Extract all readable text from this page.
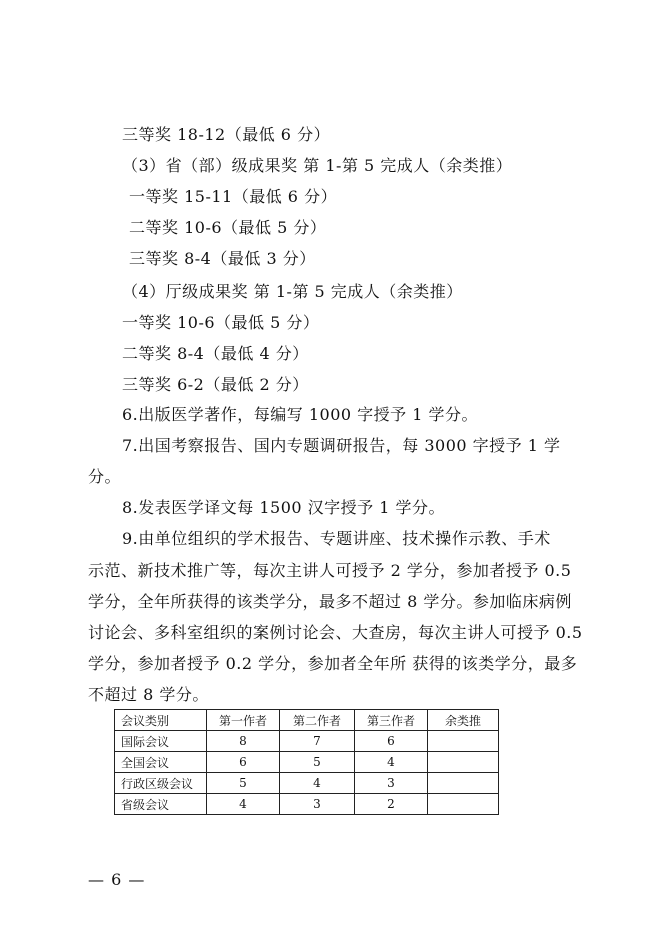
三等奖 18-12（最低 6 分）
（3）省（部）级成果奖 第 1-第 5 完成人（余类推）
一等奖 15-11（最低 6 分）
二等奖 10-6（最低 5 分）
三等奖 8-4（最低 3 分）
（4）厅级成果奖 第 1-第 5 完成人（余类推）
一等奖 10-6（最低 5 分）
二等奖 8-4（最低 4 分）
三等奖 6-2（最低 2 分）
6.出版医学著作，每编写 1000 字授予 1 学分。
7.出国考察报告、国内专题调研报告，每 3000 字授予 1 学
分。
8.发表医学译文每 1500 汉字授予 1 学分。
9.由单位组织的学术报告、专题讲座、技术操作示教、手术
示范、新技术推广等，每次主讲人可授予 2 学分，参加者授予 0.5 学分，全年所获得的该类学分，最多不超过 8 学分。参加临床病例讨论会、多科室组织的案例讨论会、大查房，每次主讲人可授予 0.5 学分，参加者授予 0.2 学分，参加者全年所 获得的该类学分，最多不超过 8 学分。
会议类别	第一作者	第二作者	第三作者	余类推
国际会议	8	7	6	
全国会议	6	5	4	
行政区级会议	5	4	3	
省级会议	4	3	2	
— 6 —
